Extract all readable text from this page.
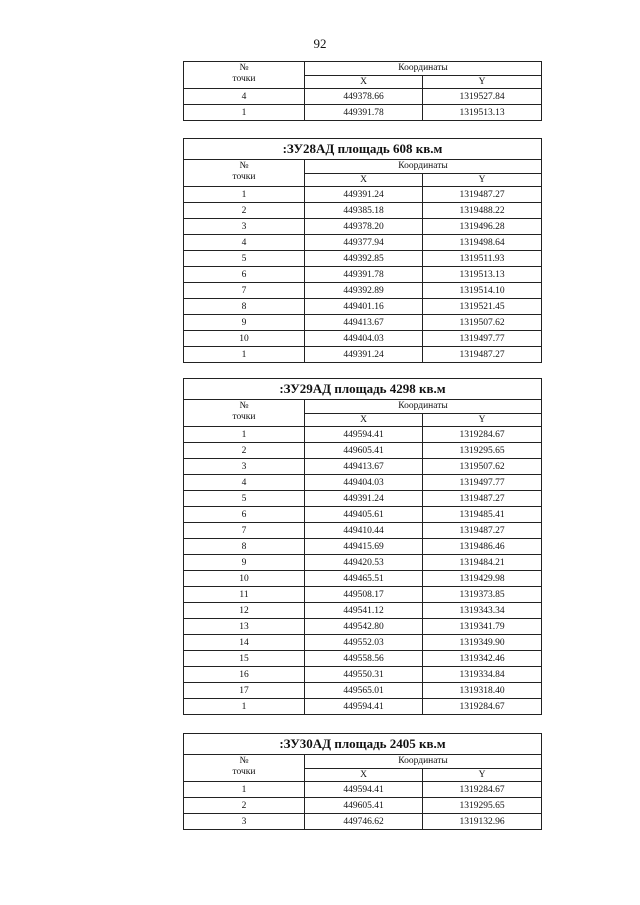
92
№
точки	Координаты	
	X	Y
4	449378.66	1319527.84
1	449391.78	1319513.13
:ЗУ28АД площадь 608 кв.м		

№
точки	Координаты	
	X	Y
1	449391.24	1319487.27
2	449385.18	1319488.22
3	449378.20	1319496.28
4	449377.94	1319498.64
5	449392.85	1319511.93
6	449391.78	1319513.13
7	449392.89	1319514.10
8	449401.16	1319521.45
9	449413.67	1319507.62
10	449404.03	1319497.77
1	449391.24	1319487.27
:ЗУ29АД площадь 4298 кв.м		

№
точки	Координаты	
	X	Y
1	449594.41	1319284.67
2	449605.41	1319295.65
3	449413.67	1319507.62
4	449404.03	1319497.77
5	449391.24	1319487.27
6	449405.61	1319485.41
7	449410.44	1319487.27
8	449415.69	1319486.46
9	449420.53	1319484.21
10	449465.51	1319429.98
11	449508.17	1319373.85
12	449541.12	1319343.34
13	449542.80	1319341.79
14	449552.03	1319349.90
15	449558.56	1319342.46
16	449550.31	1319334.84
17	449565.01	1319318.40
1	449594.41	1319284.67
:ЗУ30АД площадь 2405 кв.м		

№
точки	Координаты	
	X	Y
1	449594.41	1319284.67
2	449605.41	1319295.65
3	449746.62	1319132.96
